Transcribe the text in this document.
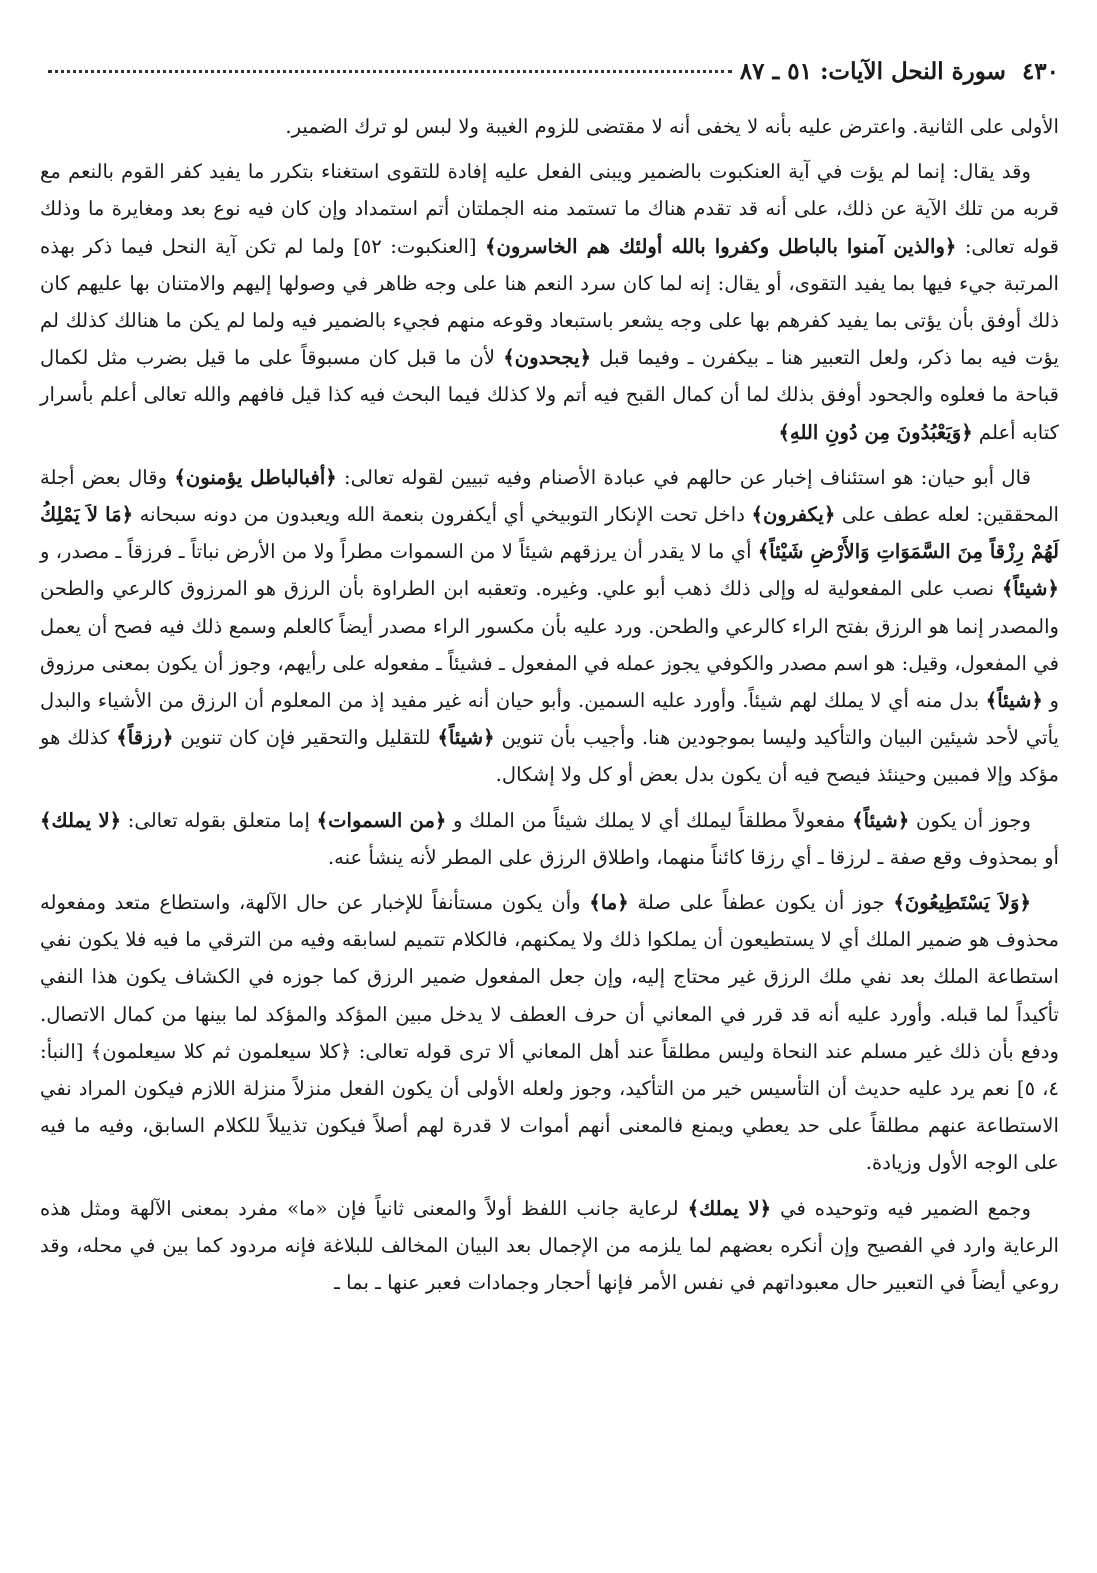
٤٣٠
سورة النحل الآيات: ٥١ ـ ٨٧

الأولى على الثانية. واعترض عليه بأنه لا يخفى أنه لا مقتضى للزوم الغيبة ولا لبس لو ترك الضمير.

وقد يقال: إنما لم يؤت في آية العنكبوت بالضمير ويبنى الفعل عليه إفادة للتقوى استغناء بتكرر ما يفيد كفر القوم بالنعم مع قربه من تلك الآية عن ذلك، على أنه قد تقدم هناك ما تستمد منه الجملتان أتم استمداد وإن كان فيه نوع بعد ومغايرة ما وذلك قوله تعالى: ﴿والذين آمنوا بالباطل وكفروا بالله أولئك هم الخاسرون﴾ [العنكبوت: ٥٢] ولما لم تكن آية النحل فيما ذكر بهذه المرتبة جيء فيها بما يفيد التقوى، أو يقال: إنه لما كان سرد النعم هنا على وجه ظاهر في وصولها إليهم والامتنان بها عليهم كان ذلك أوفق بأن يؤتى بما يفيد كفرهم بها على وجه يشعر باستبعاد وقوعه منهم فجيء بالضمير فيه ولما لم يكن ما هنالك كذلك لم يؤت فيه بما ذكر، ولعل التعبير هنا ـ بيكفرن ـ وفيما قبل ﴿يجحدون﴾ لأن ما قبل كان مسبوقاً على ما قيل بضرب مثل لكمال قباحة ما فعلوه والجحود أوفق بذلك لما أن كمال القبح فيه أتم ولا كذلك فيما البحث فيه كذا قيل فافهم والله تعالى أعلم بأسرار كتابه أعلم ﴿وَيَعْبُدُونَ مِن دُونِ اللهِ﴾

قال أبو حيان: هو استئناف إخبار عن حالهم في عبادة الأصنام وفيه تبيين لقوله تعالى: ﴿أفبالباطل يؤمنون﴾ وقال بعض أجلة المحققين: لعله عطف على ﴿يكفرون﴾ داخل تحت الإنكار التوبيخي أي أيكفرون بنعمة الله ويعبدون من دونه سبحانه ﴿مَا لاَ يَمْلِكُ لَهُمْ رِزْقاً مِنَ السَّمَوَاتِ وَالأَرْضِ شَيْئاً﴾ أي ما لا يقدر أن يرزقهم شيئاً لا من السموات مطراً ولا من الأرض نباتاً ـ فرزقاً ـ مصدر، و ﴿شيئاً﴾ نصب على المفعولية له وإلى ذلك ذهب أبو علي. وغيره. وتعقبه ابن الطراوة بأن الرزق هو المرزوق كالرعي والطحن والمصدر إنما هو الرزق بفتح الراء كالرعي والطحن. ورد عليه بأن مكسور الراء مصدر أيضاً كالعلم وسمع ذلك فيه فصح أن يعمل في المفعول، وقيل: هو اسم مصدر والكوفي يجوز عمله في المفعول ـ فشيئاً ـ مفعوله على رأيهم، وجوز أن يكون بمعنى مرزوق و ﴿شيئاً﴾ بدل منه أي لا يملك لهم شيئاً. وأورد عليه السمين. وأبو حيان أنه غير مفيد إذ من المعلوم أن الرزق من الأشياء والبدل يأتي لأحد شيئين البيان والتأكيد وليسا بموجودين هنا. وأجيب بأن تنوين ﴿شيئاً﴾ للتقليل والتحقير فإن كان تنوين ﴿رزقاً﴾ كذلك هو مؤكد وإلا فمبين وحينئذ فيصح فيه أن يكون بدل بعض أو كل ولا إشكال.

وجوز أن يكون ﴿شيئاً﴾ مفعولاً مطلقاً ليملك أي لا يملك شيئاً من الملك و ﴿من السموات﴾ إما متعلق بقوله تعالى: ﴿لا يملك﴾ أو بمحذوف وقع صفة ـ لرزقا ـ أي رزقا كائناً منهما، واطلاق الرزق على المطر لأنه ينشأ عنه.

﴿وَلاَ يَسْتَطِيعُونَ﴾ جوز أن يكون عطفاً على صلة ﴿ما﴾ وأن يكون مستأنفاً للإخبار عن حال الآلهة، واستطاع متعد ومفعوله محذوف هو ضمير الملك أي لا يستطيعون أن يملكوا ذلك ولا يمكنهم، فالكلام تتميم لسابقه وفيه من الترقي ما فيه فلا يكون نفي استطاعة الملك بعد نفي ملك الرزق غير محتاج إليه، وإن جعل المفعول ضمير الرزق كما جوزه في الكشاف يكون هذا النفي تأكيداً لما قبله. وأورد عليه أنه قد قرر في المعاني أن حرف العطف لا يدخل مبين المؤكد والمؤكد لما بينها من كمال الاتصال. ودفع بأن ذلك غير مسلم عند النحاة وليس مطلقاً عند أهل المعاني ألا ترى قوله تعالى: ﴿كلا سيعلمون ثم كلا سيعلمون﴾ [النبأ: ٤، ٥] نعم يرد عليه حديث أن التأسيس خير من التأكيد، وجوز ولعله الأولى أن يكون الفعل منزلاً منزلة اللازم فيكون المراد نفي الاستطاعة عنهم مطلقاً على حد يعطي ويمنع فالمعنى أنهم أموات لا قدرة لهم أصلاً فيكون تذييلاً للكلام السابق، وفيه ما فيه على الوجه الأول وزيادة.

وجمع الضمير فيه وتوحيده في ﴿لا يملك﴾ لرعاية جانب اللفظ أولاً والمعنى ثانياً فإن «ما» مفرد بمعنى الآلهة ومثل هذه الرعاية وارد في الفصيح وإن أنكره بعضهم لما يلزمه من الإجمال بعد البيان المخالف للبلاغة فإنه مردود كما بين في محله، وقد روعي أيضاً في التعبير حال معبوداتهم في نفس الأمر فإنها أحجار وجمادات فعبر عنها ـ بما ـ
